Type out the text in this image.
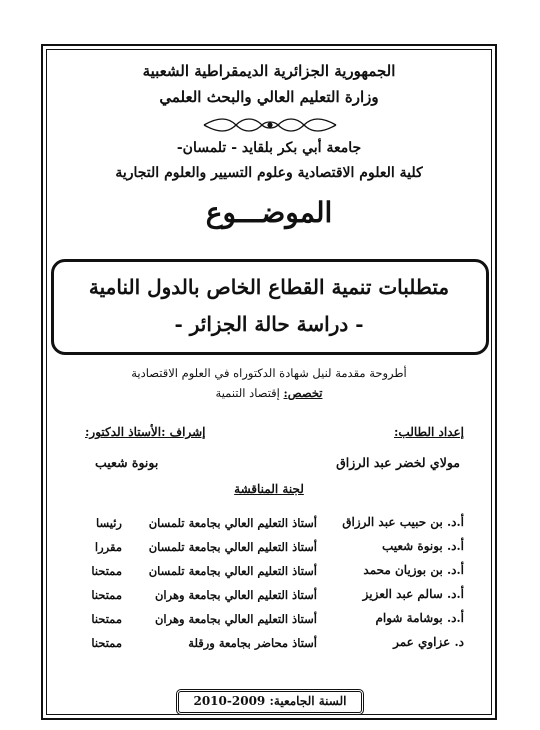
الجمهورية الجزائرية الديمقراطية الشعبية
وزارة التعليم العالي والبحث العلمي
جامعة أبي بكر بلقايد - تلمسان-
كلية العلوم الاقتصادية وعلوم التسيير والعلوم التجارية
الموضـــوع
متطلبات تنمية القطاع الخاص بالدول النامية
- دراسة حالة الجزائر -
أطروحة مقدمة لنيل شهادة الدكتوراه في العلوم الاقتصادية
تخصص: إقتصاد التنمية
إعداد الطالب:
إشراف :الأستاذ الدكتور:
مولاي لخضر عبد الرزاق
بونوة شعيب
لجنة المناقشة
أ.د. بن حبيب عبد الرزاق
أستاذ التعليم العالي بجامعة تلمسان
رئيسا
أ.د. بونوة شعيب
أستاذ التعليم العالي بجامعة تلمسان
مقررا
أ.د. بن بوزيان محمد
أستاذ التعليم العالي بجامعة تلمسان
ممتحنا
أ.د. سالم عبد العزيز
أستاذ التعليم العالي بجامعة وهران
ممتحنا
أ.د. بوشامة شوام
أستاذ التعليم العالي بجامعة وهران
ممتحنا
د. عزاوي عمر
أستاذ محاضر بجامعة ورقلة
ممتحنا
السنة الجامعية: 2009-2010
